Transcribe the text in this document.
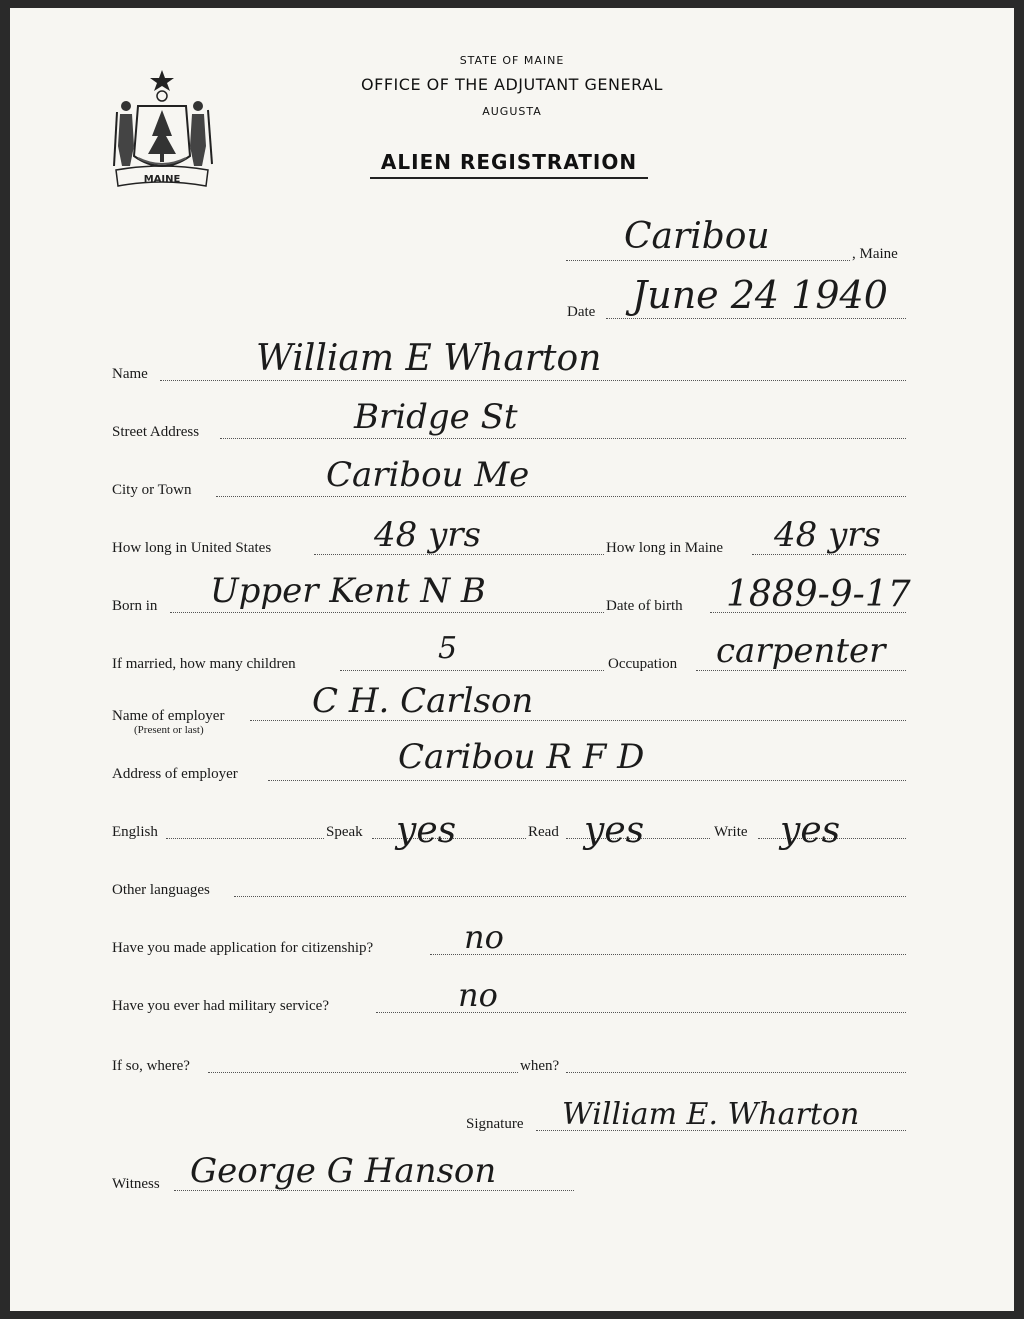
MAINE
STATE OF MAINE
OFFICE OF THE ADJUTANT GENERAL
AUGUSTA
ALIEN REGISTRATION
Caribou	, Maine
Date June 24 1940
Name	William E Wharton
Street Address	Bridge St
City or Town	Caribou Me
How long in United States	48 yrs	How long in Maine 48 yrs
Born in Upper Kent N B	Date of birth 1889-9-17
If married, how many children	5	Occupation carpenter
Name of employer
(Present or last)
C H. Carlson
Address of employer	Caribou R F D
English	Speak yes	Read yes	Write yes
Other languages
Have you made application for citizenship?	no
Have you ever had military service?	no
If so, where?	when?
Signature William E. Wharton
Witness George G Hanson
